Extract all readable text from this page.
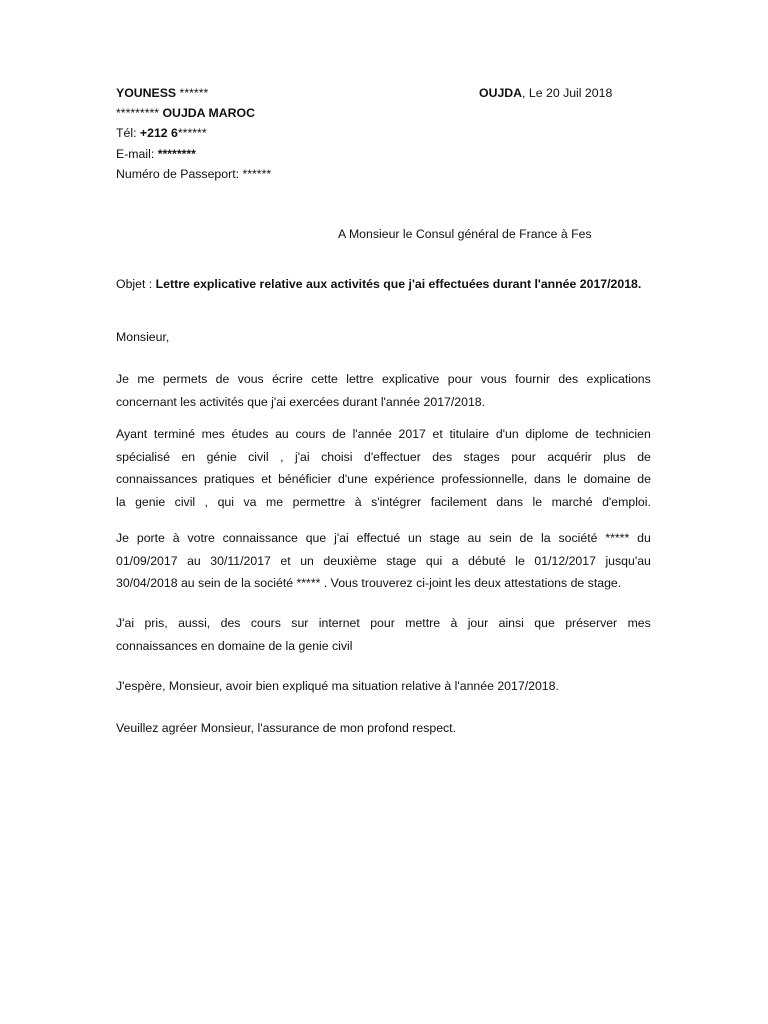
YOUNESS ******
********* OUJDA MAROC
Tél: +212 6******
E-mail: ********
Numéro de Passeport: ******
OUJDA, Le 20 Juil 2018
A Monsieur le Consul général de France à Fes
Objet : Lettre explicative relative aux activités que j'ai effectuées durant l'année 2017/2018.
Monsieur,
Je me permets de vous écrire cette lettre explicative pour vous fournir des explications
concernant les activités que j'ai exercées durant l'année 2017/2018.
Ayant terminé mes études au cours de l'année 2017 et titulaire d'un diplome de technicien
spécialisé en génie civil , j'ai choisi d'effectuer des stages pour acquérir plus de
connaissances pratiques et bénéficier d'une expérience professionnelle, dans le domaine de
la genie civil , qui va me permettre à s'intégrer facilement dans le marché d'emploi.
Je porte à votre connaissance que j'ai effectué un stage au sein de la société ***** du
01/09/2017 au 30/11/2017 et un deuxième stage qui a débuté le 01/12/2017 jusqu'au
30/04/2018 au sein de la société ***** . Vous trouverez ci-joint les deux attestations de stage.
J'ai pris, aussi, des cours sur internet pour mettre à jour ainsi que préserver mes
connaissances en domaine de la genie civil
J'espère, Monsieur, avoir bien expliqué ma situation relative à l'année 2017/2018.
Veuillez agréer Monsieur, l'assurance de mon profond respect.
